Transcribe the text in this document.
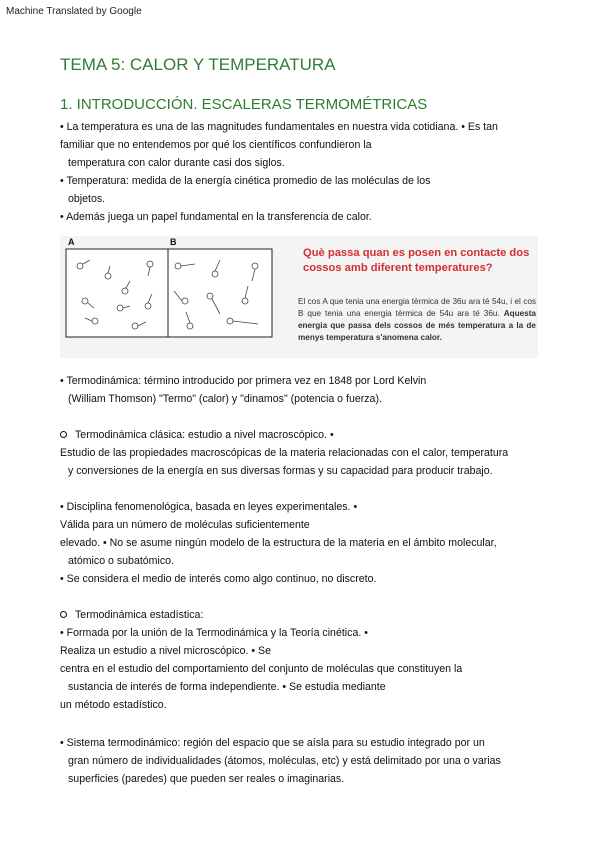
Machine Translated by Google
TEMA 5: CALOR Y TEMPERATURA
1. INTRODUCCIÓN. ESCALERAS TERMOMÉTRICAS
• La temperatura es una de las magnitudes fundamentales en nuestra vida cotidiana. • Es tan
familiar que no entendemos por qué los científicos confundieron la
temperatura con calor durante casi dos siglos.
• Temperatura: medida de la energía cinética promedio de las moléculas de los
objetos.
• Además juega un papel fundamental en la transferencia de calor.
A	B
Què passa quan es posen en contacte dos cossos amb diferent temperatures?
El cos A que tenia una energia tèrmica de 36u ara té 54u, i el cos B que tenia una energia tèrmica de 54u ara té 36u. Aquesta energia que passa dels cossos de més temperatura a la de menys temperatura s'anomena calor.
• Termodinámica: término introducido por primera vez en 1848 por Lord Kelvin
(William Thomson) "Termo" (calor) y "dinamos" (potencia o fuerza).
Termodinámica clásica: estudio a nivel macroscópico. •
Estudio de las propiedades macroscópicas de la materia relacionadas con el calor, temperatura
y conversiones de la energía en sus diversas formas y su capacidad para producir trabajo.
• Disciplina fenomenológica, basada en leyes experimentales. •
Válida para un número de moléculas suficientemente
elevado. • No se asume ningún modelo de la estructura de la materia en el ámbito molecular,
atómico o subatómico.
• Se considera el medio de interés como algo continuo, no discreto.
Termodinámica estadística:
• Formada por la unión de la Termodinámica y la Teoría cinética. •
Realiza un estudio a nivel microscópico. • Se
centra en el estudio del comportamiento del conjunto de moléculas que constituyen la
sustancia de interés de forma independiente. • Se estudia mediante
un método estadístico.
• Sistema termodinámico: región del espacio que se aísla para su estudio integrado por un
gran número de individualidades (átomos, moléculas, etc) y está delimitado por una o varias
superficies (paredes) que pueden ser reales o imaginarias.
